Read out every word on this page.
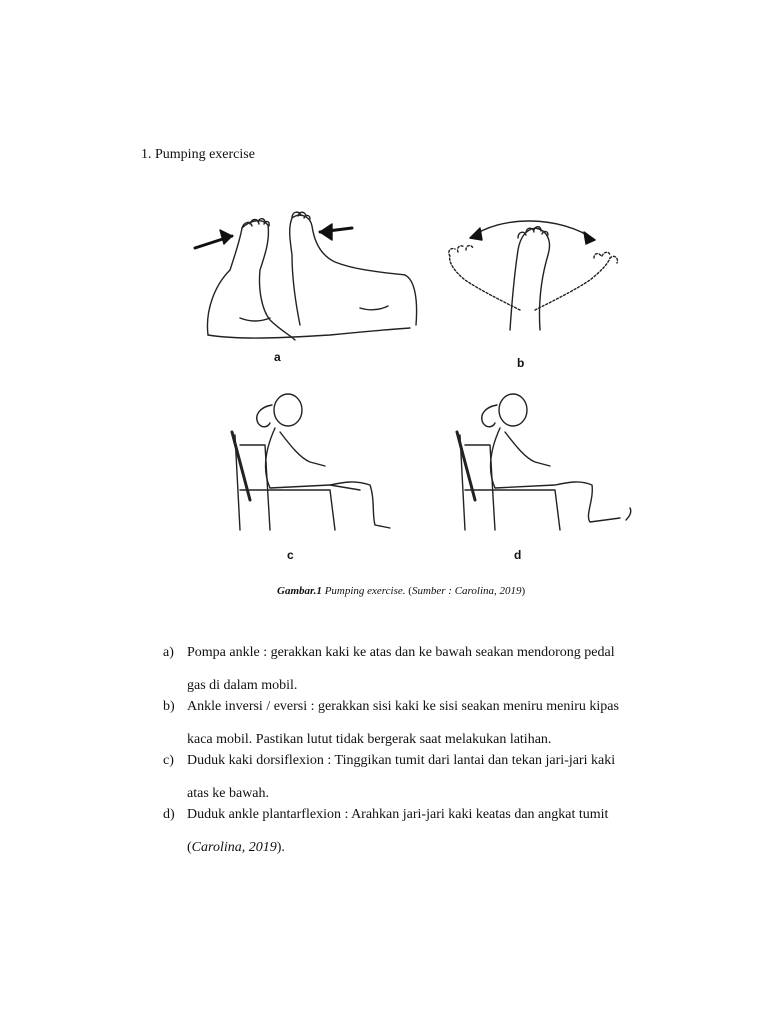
1. Pumping exercise
a	b
c	d
Gambar.1 Pumping exercise. (Sumber : Carolina, 2019)
a) Pompa ankle : gerakkan kaki ke atas dan ke bawah seakan mendorong pedal
gas di dalam mobil.
b) Ankle inversi / eversi : gerakkan sisi kaki ke sisi seakan meniru meniru kipas
kaca mobil. Pastikan lutut tidak bergerak saat melakukan latihan.
c) Duduk kaki dorsiflexion : Tinggikan tumit dari lantai dan tekan jari-jari kaki
atas ke bawah.
d) Duduk ankle plantarflexion : Arahkan jari-jari kaki keatas dan angkat tumit
(Carolina, 2019).
